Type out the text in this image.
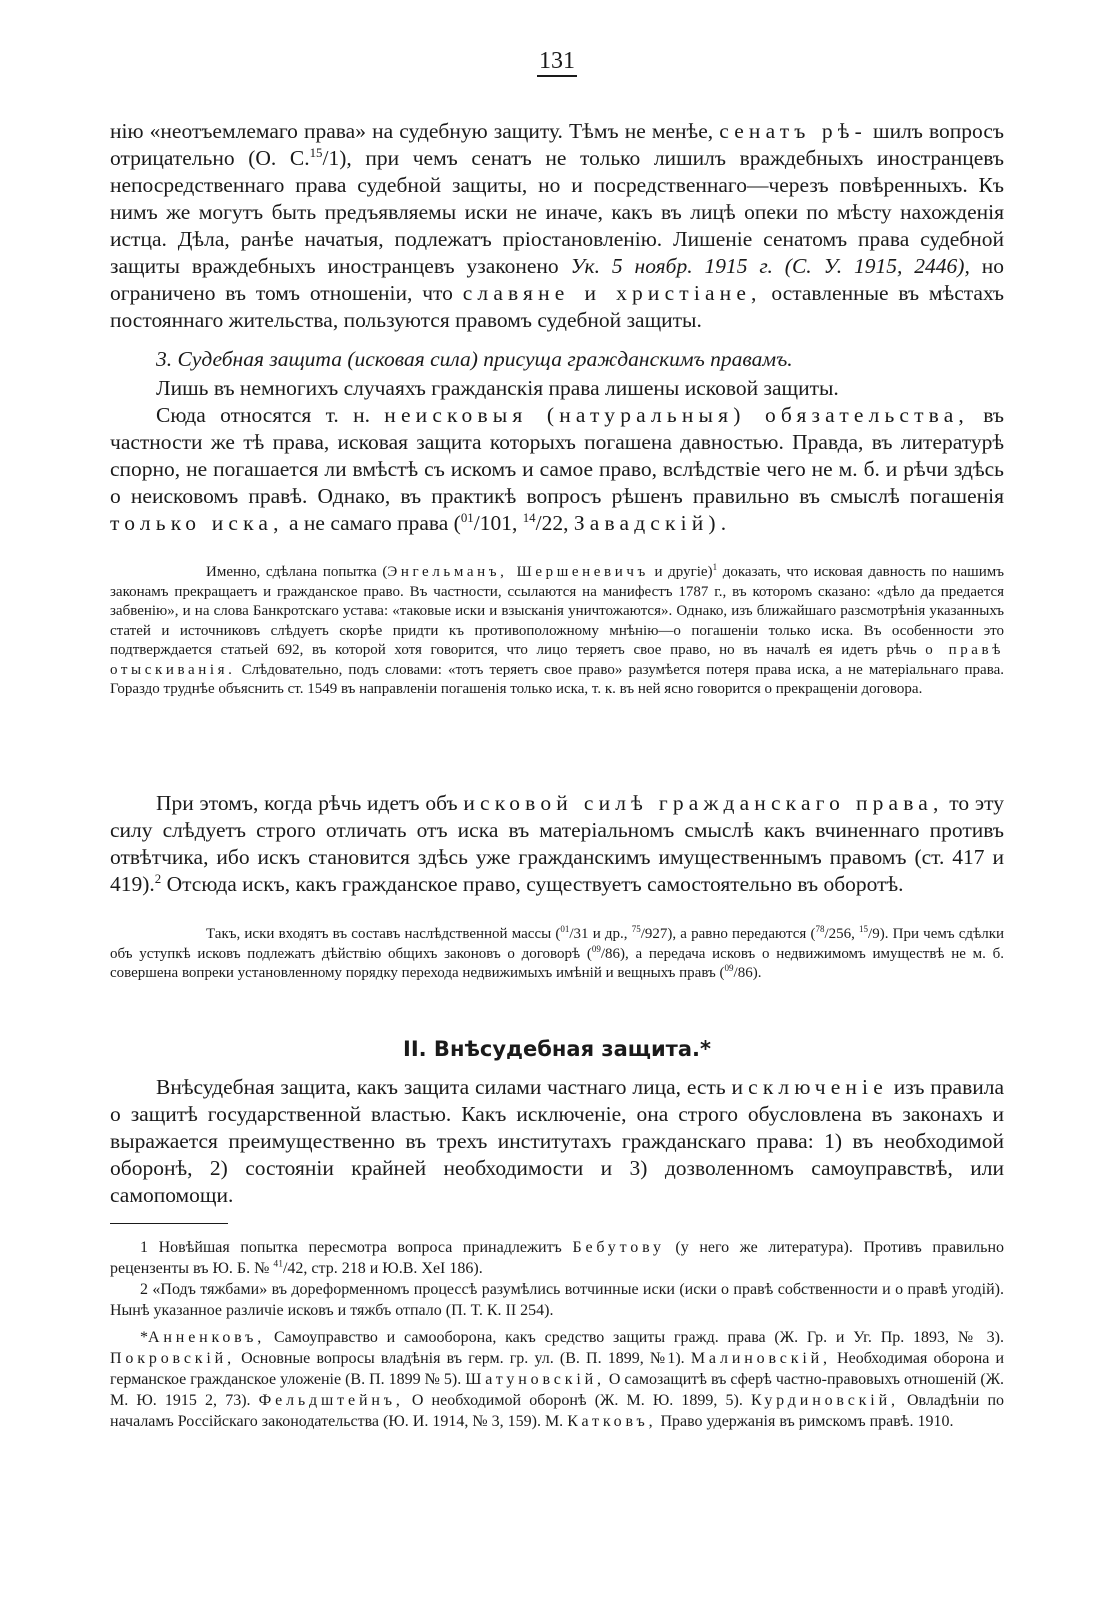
131

нiю «неотъемлемаго права» на судебную защиту. Тѣмъ не менѣе, сенатъ рѣ- шилъ вопросъ отрицательно (О. С.$^{15}$/1), при чемъ сенатъ не только лишилъ враждебныхъ иностранцевъ непосредственнаго права судебной защиты, но и посредственнаго—черезъ повѣренныхъ. Къ нимъ же могутъ быть предъявляемы иски не иначе, какъ въ лицѣ опеки по мѣсту нахожденiя истца. Дѣла, ранѣе начатыя, подлежатъ прiостановленiю. Лишенiе сенатомъ права судебной защиты враждебныхъ иностранцевъ узаконено Ук. 5 ноябр. 1915 г. (С. У. 1915, 2446), но ограничено въ томъ отношенiи, что славяне и христiане, оставленные въ мѣстахъ постояннаго жительства, пользуются правомъ судебной защиты.

3. Судебная защита (исковая сила) присуща гражданскимъ правамъ.

Лишь въ немногихъ случаяхъ гражданскiя права лишены исковой защиты.

Сюда относятся т. н. неисковыя (натуральныя) обязательства, въ частности же тѣ права, исковая защита которыхъ погашена давностью. Правда, въ литературѣ спорно, не погашается ли вмѣстѣ съ искомъ и самое право, вслѣдствiе чего не м. б. и рѣчи здѣсь о неисковомъ правѣ. Однако, въ практикѣ вопросъ рѣшенъ правильно въ смыслѣ погашенiя только иска, а не самаго права ($^{01}$/101, $^{14}$/22, Завадскiй).

Именно, сдѣлана попытка (Энгельманъ, Шершеневичъ и другiе)$^1$ доказать, что исковая давность по нашимъ законамъ прекращаетъ и гражданское право. Въ частности, ссылаются на манифестъ 1787 г., въ которомъ сказано: «дѣло да предается забвенiю», и на слова Банкротскаго устава: «таковые иски и взысканiя уничтожаются». Однако, изъ ближайшаго разсмотрѣнiя указанныхъ статей и источниковъ слѣдуетъ скорѣе придти къ противоположному мнѣнiю—о погашенiи только иска. Въ особенности это подтверждается статьей 692, въ которой хотя говорится, что лицо теряетъ свое право, но въ началѣ ея идетъ рѣчь о правѣ отыскиванiя. Слѣдовательно, подъ словами: «тотъ теряетъ свое право» разумѣется потеря права иска, а не матерiальнаго права. Гораздо труднѣе объяснить ст. 1549 въ направленiи погашенiя только иска, т. к. въ ней ясно говорится о прекращенiи договора.

При этомъ, когда рѣчь идетъ объ исковой силѣ гражданскаго права, то эту силу слѣдуетъ строго отличать отъ иска въ матерiальномъ смыслѣ какъ вчиненнаго противъ отвѣтчика, ибо искъ становится здѣсь уже гражданскимъ имущественнымъ правомъ (ст. 417 и 419).$^2$ Отсюда искъ, какъ гражданское право, существуетъ самостоятельно въ оборотѣ.

Такъ, иски входятъ въ составъ наслѣдственной массы ($^{01}$/31 и др., $^{75}$/927), а равно передаются ($^{78}$/256, $^{15}$/9). При чемъ сдѣлки объ уступкѣ исковъ подлежатъ дѣйствiю общихъ законовъ о договорѣ ($^{09}$/86), а передача исковъ о недвижимомъ имуществѣ не м. б. совершена вопреки установленному порядку перехода недвижимыхъ имѣнiй и вещныхъ правъ ($^{09}$/86).

II. Внѣсудебная защита.*

Внѣсудебная защита, какъ защита силами частнаго лица, есть исключенiе изъ правила о защитѣ государственной властью. Какъ исключенiе, она строго обусловлена въ законахъ и выражается преимущественно въ трехъ институтахъ гражданскаго права: 1) въ необходимой оборонѣ, 2) состоянiи крайней необходимости и 3) дозволенномъ самоуправствѣ, или самопомощи.

1 Новѣйшая попытка пересмотра вопроса принадлежитъ Бебутову (у него же литература). Противъ правильно рецензенты въ Ю. Б. № $^{41}$/42, стр. 218 и Ю.В. XeI 186).

2 «Подъ тяжбами» въ дореформенномъ процессѣ разумѣлись вотчинные иски (иски о правѣ собственности и о правѣ угодiй). Нынѣ указанное различiе исковъ и тяжбъ отпало (П. Т. К. II 254).

*Анненковъ, Самоуправство и самооборона, какъ средство защиты гражд. права (Ж. Гр. и Уг. Пр. 1893, № 3). Покровскiй, Основные вопросы владѣнiя въ герм. гр. ул. (В. П. 1899, №1). Малиновскiй, Необходимая оборона и германское гражданское уложенiе (В. П. 1899 № 5). Шатуновскiй, О самозащитѣ въ сферѣ частно-правовыхъ отношенiй (Ж. М. Ю. 1915 2, 73). Фельдштейнъ, О необходимой оборонѣ (Ж. М. Ю. 1899, 5). Курдиновскiй, Овладѣнiи по началамъ Россiйскаго законодательства (Ю. И. 1914, № 3, 159). М. Катковъ, Право удержанiя въ римскомъ правѣ. 1910.
